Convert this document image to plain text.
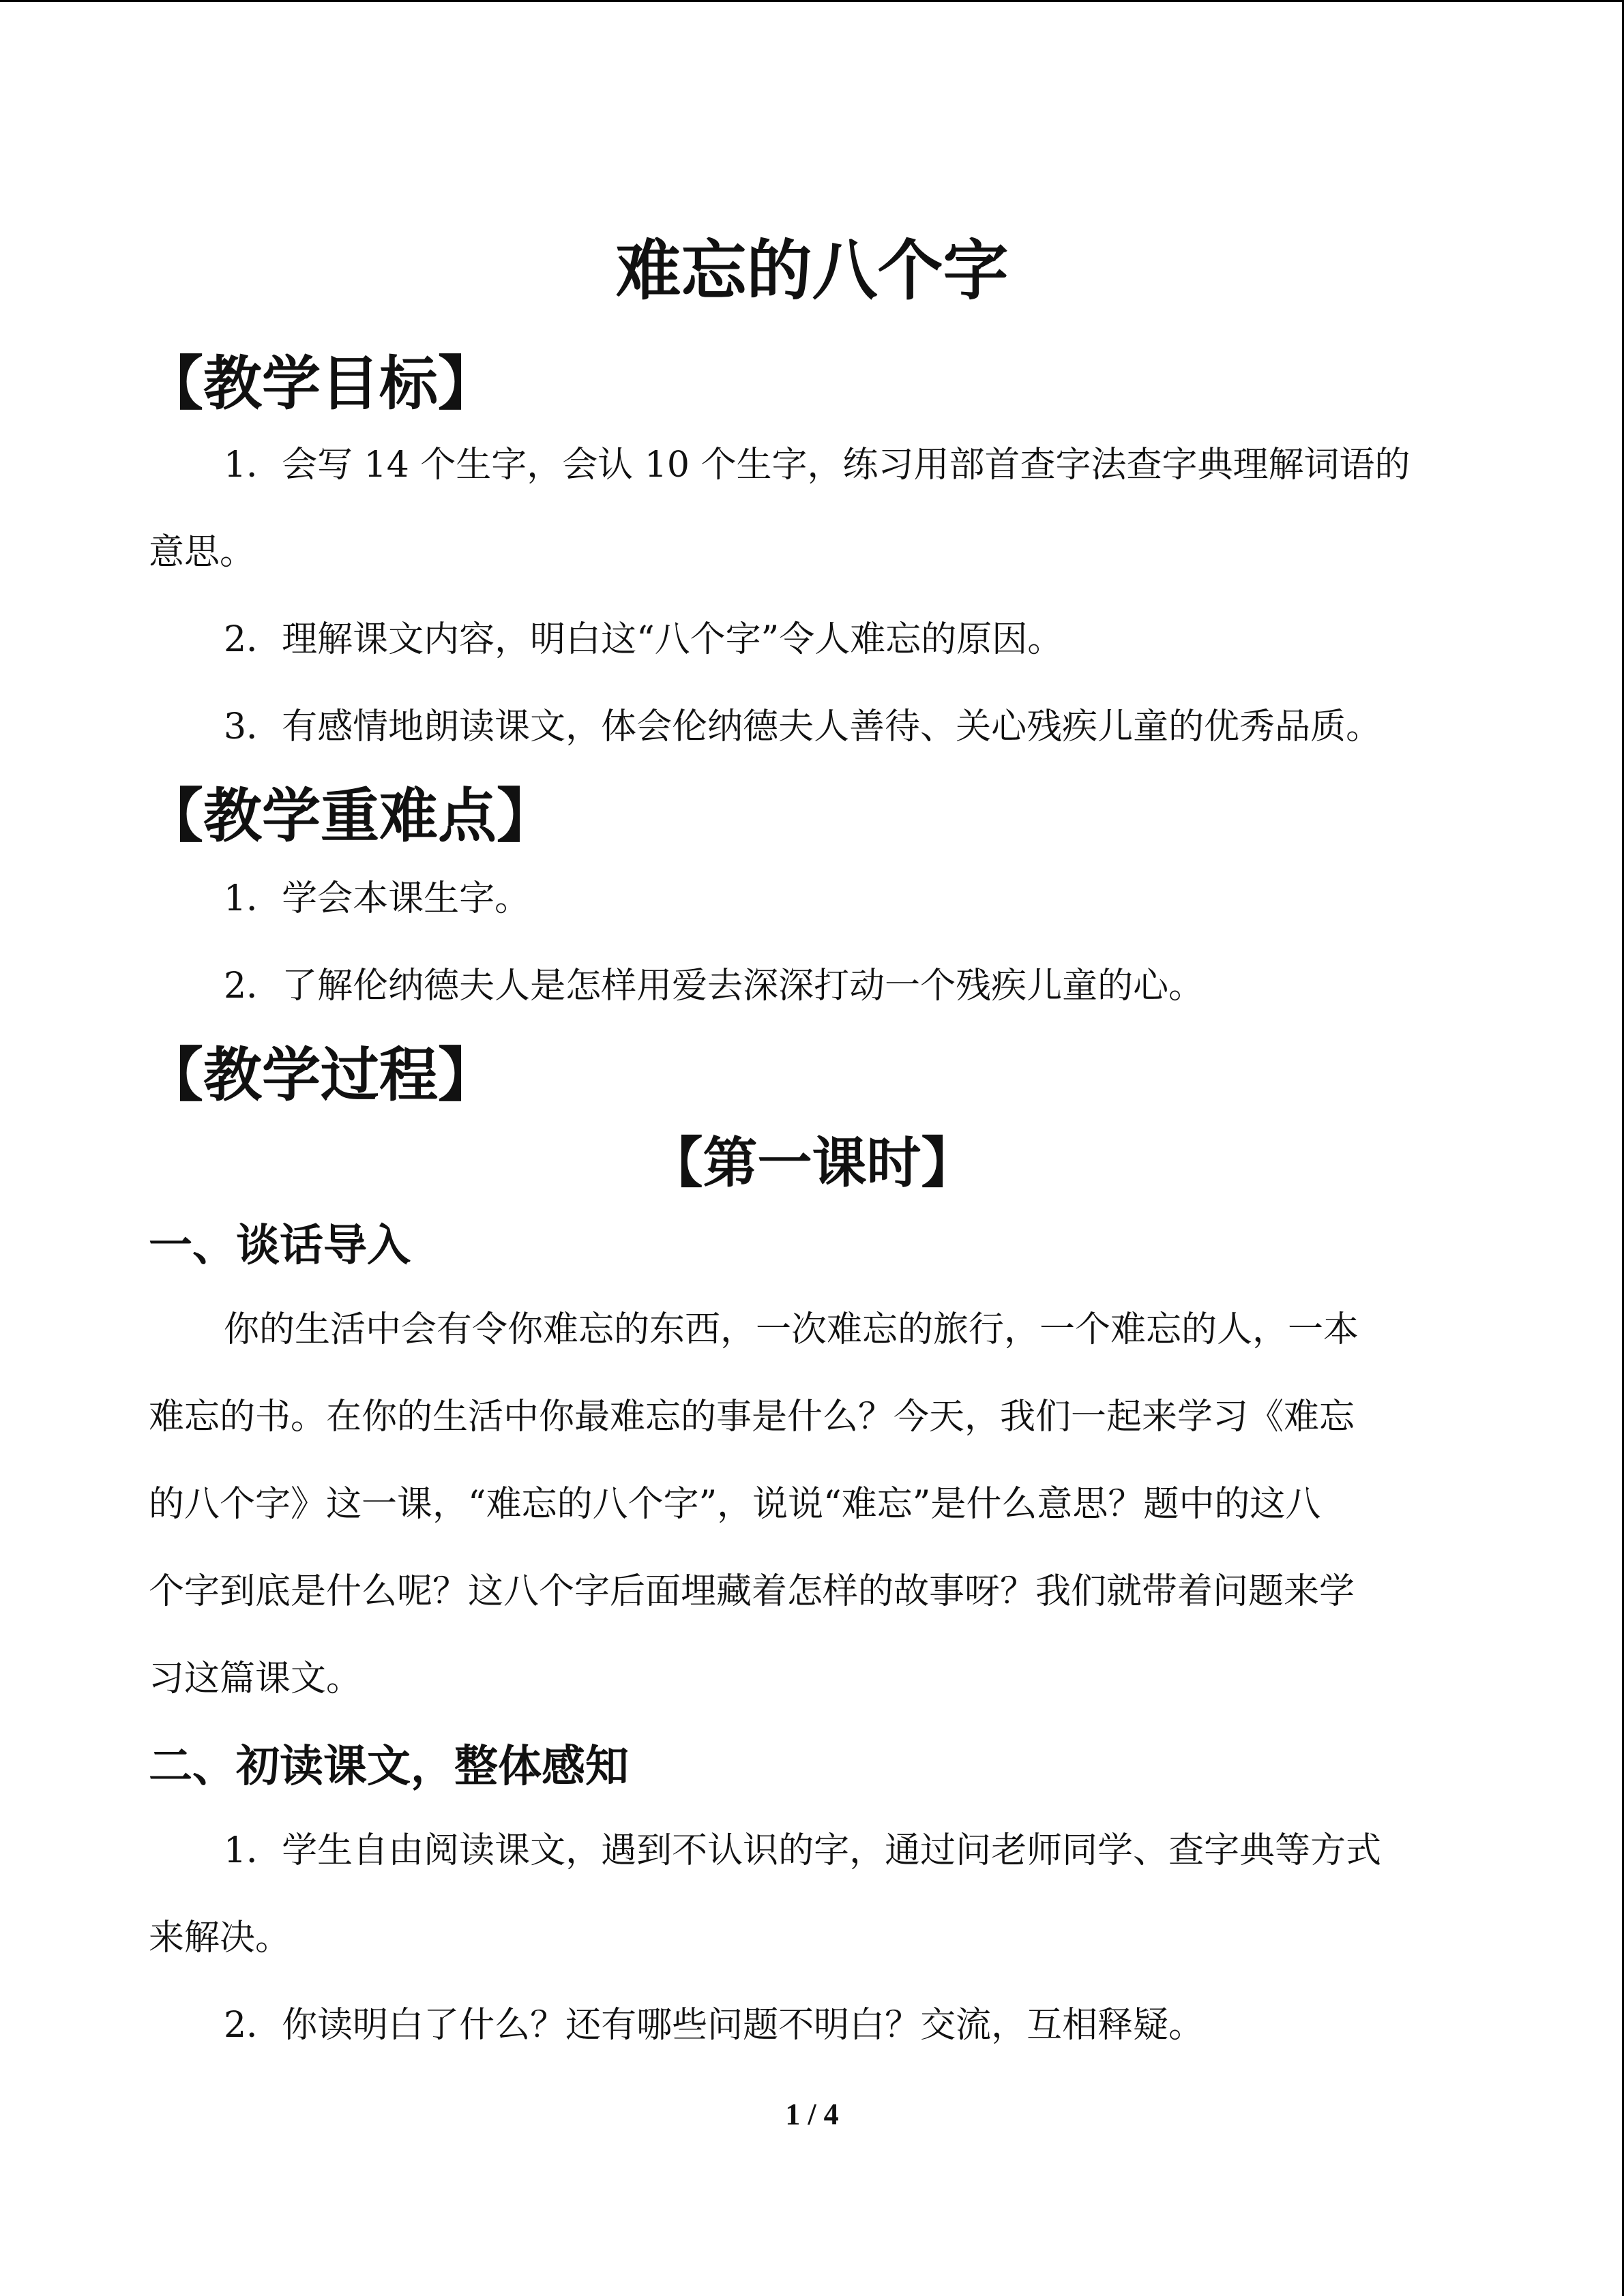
难忘的八个字
【教学目标】
1．会写 14 个生字，会认 10 个生字，练习用部首查字法查字典理解词语的
意思。
2．理解课文内容，明白这“八个字”令人难忘的原因。
3．有感情地朗读课文，体会伦纳德夫人善待、关心残疾儿童的优秀品质。
【教学重难点】
1．学会本课生字。
2．了解伦纳德夫人是怎样用爱去深深打动一个残疾儿童的心。
【教学过程】
【第一课时】
一、谈话导入
你的生活中会有令你难忘的东西，一次难忘的旅行，一个难忘的人，一本
难忘的书。在你的生活中你最难忘的事是什么？今天，我们一起来学习《难忘
的八个字》这一课，“难忘的八个字”，说说“难忘”是什么意思？题中的这八
个字到底是什么呢？这八个字后面埋藏着怎样的故事呀？我们就带着问题来学
习这篇课文。
二、初读课文，整体感知
1．学生自由阅读课文，遇到不认识的字，通过问老师同学、查字典等方式
来解决。
2．你读明白了什么？还有哪些问题不明白？交流，互相释疑。
1 / 4
